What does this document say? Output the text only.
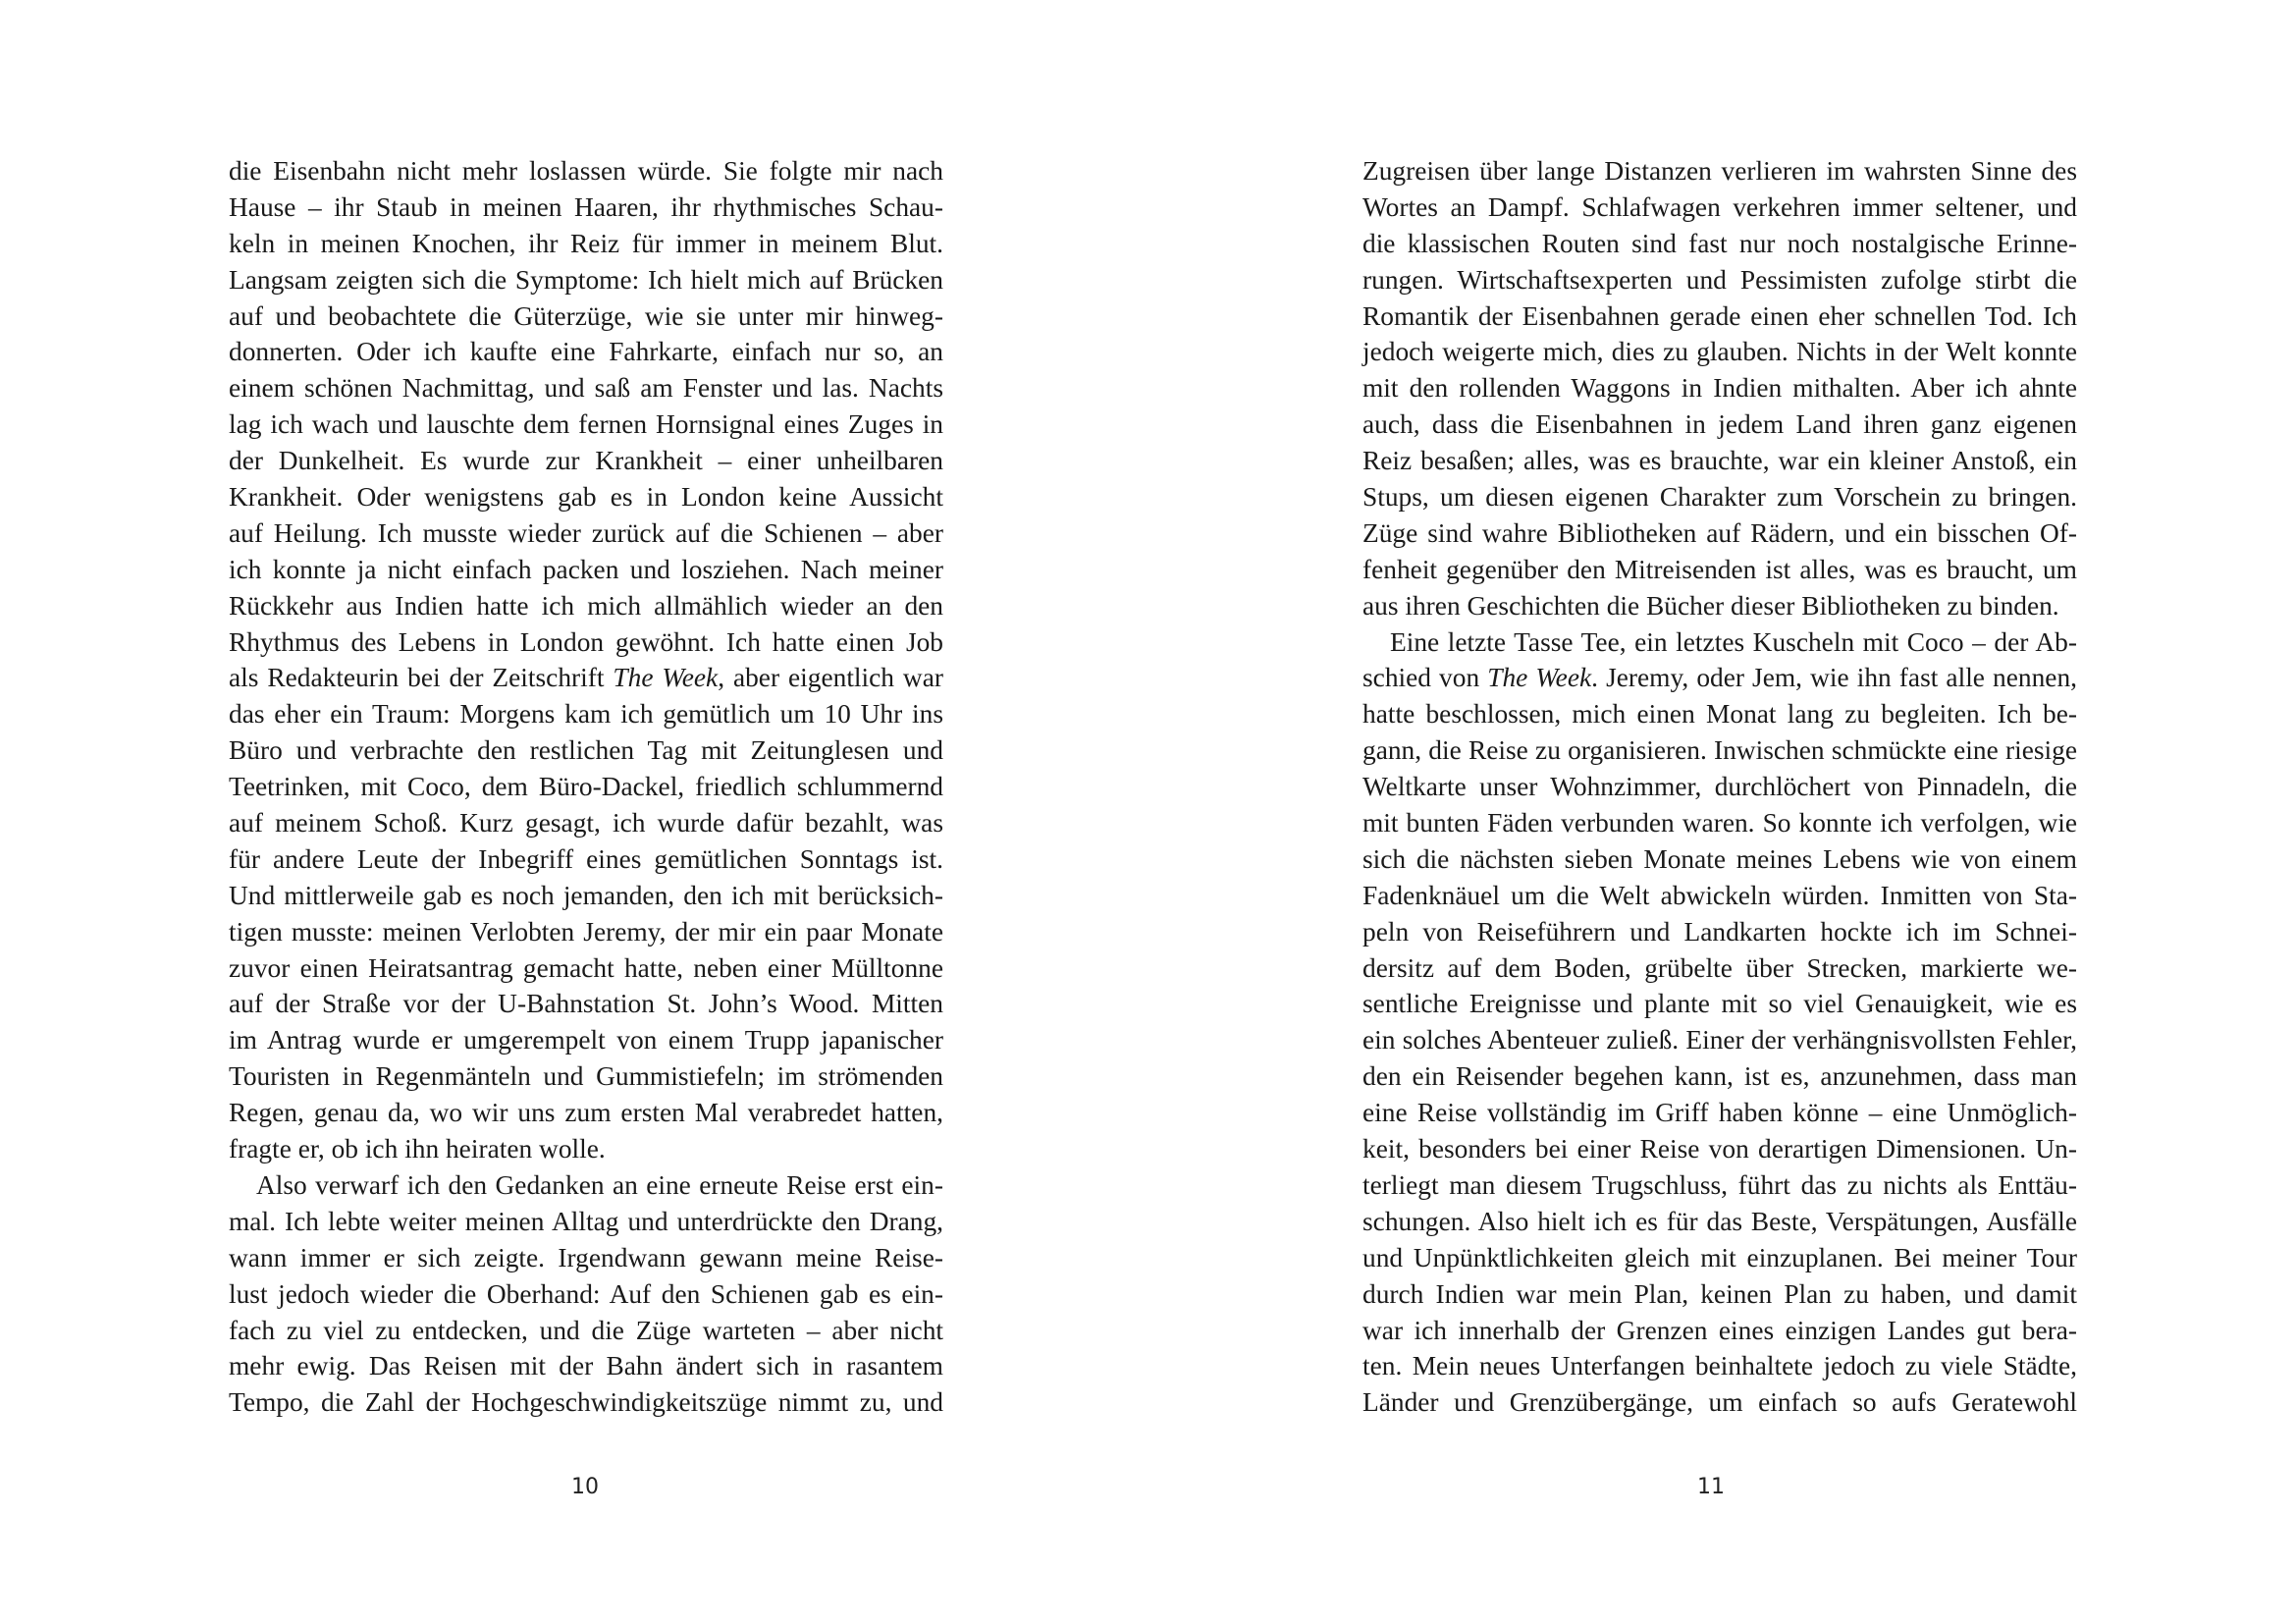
die Eisenbahn nicht mehr loslassen würde. Sie folgte mir nach
Hause – ihr Staub in meinen Haaren, ihr rhythmisches Schau-
keln in meinen Knochen, ihr Reiz für immer in meinem Blut.
Langsam zeigten sich die Symptome: Ich hielt mich auf Brücken
auf und beobachtete die Güterzüge, wie sie unter mir hinweg-
donnerten. Oder ich kaufte eine Fahrkarte, einfach nur so, an
einem schönen Nachmittag, und saß am Fenster und las. Nachts
lag ich wach und lauschte dem fernen Hornsignal eines Zuges in
der Dunkelheit. Es wurde zur Krankheit – einer unheilbaren
Krankheit. Oder wenigstens gab es in London keine Aussicht
auf Heilung. Ich musste wieder zurück auf die Schienen – aber
ich konnte ja nicht einfach packen und losziehen. Nach meiner
Rückkehr aus Indien hatte ich mich allmählich wieder an den
Rhythmus des Lebens in London gewöhnt. Ich hatte einen Job
als Redakteurin bei der Zeitschrift The Week, aber eigentlich war
das eher ein Traum: Morgens kam ich gemütlich um 10 Uhr ins
Büro und verbrachte den restlichen Tag mit Zeitunglesen und
Teetrinken, mit Coco, dem Büro-Dackel, friedlich schlummernd
auf meinem Schoß. Kurz gesagt, ich wurde dafür bezahlt, was
für andere Leute der Inbegriff eines gemütlichen Sonntags ist.
Und mittlerweile gab es noch jemanden, den ich mit berücksich-
tigen musste: meinen Verlobten Jeremy, der mir ein paar Monate
zuvor einen Heiratsantrag gemacht hatte, neben einer Mülltonne
auf der Straße vor der U-Bahnstation St. John’s Wood. Mitten
im Antrag wurde er umgerempelt von einem Trupp japanischer
Touristen in Regenmänteln und Gummistiefeln; im strömenden
Regen, genau da, wo wir uns zum ersten Mal verabredet hatten,
fragte er, ob ich ihn heiraten wolle.
Also verwarf ich den Gedanken an eine erneute Reise erst ein-
mal. Ich lebte weiter meinen Alltag und unterdrückte den Drang,
wann immer er sich zeigte. Irgendwann gewann meine Reise-
lust jedoch wieder die Oberhand: Auf den Schienen gab es ein-
fach zu viel zu entdecken, und die Züge warteten – aber nicht
mehr ewig. Das Reisen mit der Bahn ändert sich in rasantem
Tempo, die Zahl der Hochgeschwindigkeitszüge nimmt zu, und
10
Zugreisen über lange Distanzen verlieren im wahrsten Sinne des
Wortes an Dampf. Schlafwagen verkehren immer seltener, und
die klassischen Routen sind fast nur noch nostalgische Erinne-
rungen. Wirtschaftsexperten und Pessimisten zufolge stirbt die
Romantik der Eisenbahnen gerade einen eher schnellen Tod. Ich
jedoch weigerte mich, dies zu glauben. Nichts in der Welt konnte
mit den rollenden Waggons in Indien mithalten. Aber ich ahnte
auch, dass die Eisenbahnen in jedem Land ihren ganz eigenen
Reiz besaßen; alles, was es brauchte, war ein kleiner Anstoß, ein
Stups, um diesen eigenen Charakter zum Vorschein zu bringen.
Züge sind wahre Bibliotheken auf Rädern, und ein bisschen Of-
fenheit gegenüber den Mitreisenden ist alles, was es braucht, um
aus ihren Geschichten die Bücher dieser Bibliotheken zu binden.
Eine letzte Tasse Tee, ein letztes Kuscheln mit Coco – der Ab-
schied von The Week. Jeremy, oder Jem, wie ihn fast alle nennen,
hatte beschlossen, mich einen Monat lang zu begleiten. Ich be-
gann, die Reise zu organisieren. Inwischen schmückte eine riesige
Weltkarte unser Wohnzimmer, durchlöchert von Pinnadeln, die
mit bunten Fäden verbunden waren. So konnte ich verfolgen, wie
sich die nächsten sieben Monate meines Lebens wie von einem
Fadenknäuel um die Welt abwickeln würden. Inmitten von Sta-
peln von Reiseführern und Landkarten hockte ich im Schnei-
dersitz auf dem Boden, grübelte über Strecken, markierte we-
sentliche Ereignisse und plante mit so viel Genauigkeit, wie es
ein solches Abenteuer zuließ. Einer der verhängnisvollsten Fehler,
den ein Reisender begehen kann, ist es, anzunehmen, dass man
eine Reise vollständig im Griff haben könne – eine Unmöglich-
keit, besonders bei einer Reise von derartigen Dimensionen. Un-
terliegt man diesem Trugschluss, führt das zu nichts als Enttäu-
schungen. Also hielt ich es für das Beste, Verspätungen, Ausfälle
und Unpünktlichkeiten gleich mit einzuplanen. Bei meiner Tour
durch Indien war mein Plan, keinen Plan zu haben, und damit
war ich innerhalb der Grenzen eines einzigen Landes gut bera-
ten. Mein neues Unterfangen beinhaltete jedoch zu viele Städte,
Länder und Grenzübergänge, um einfach so aufs Geratewohl
11
